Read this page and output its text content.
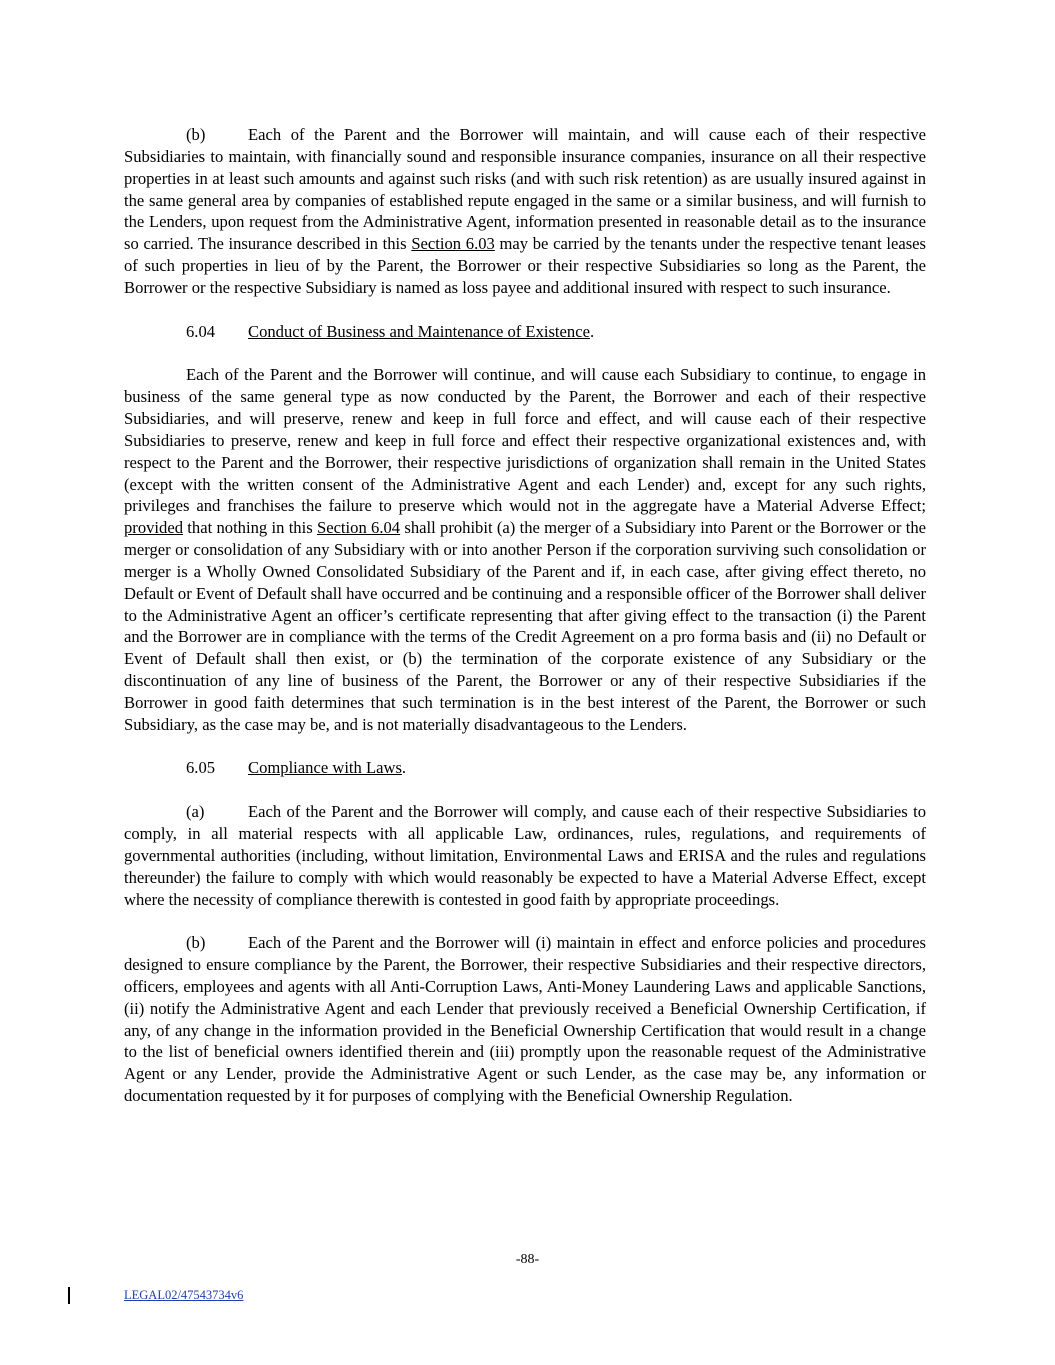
(b)	Each of the Parent and the Borrower will maintain, and will cause each of their respective Subsidiaries to maintain, with financially sound and responsible insurance companies, insurance on all their respective properties in at least such amounts and against such risks (and with such risk retention) as are usually insured against in the same general area by companies of established repute engaged in the same or a similar business, and will furnish to the Lenders, upon request from the Administrative Agent, information presented in reasonable detail as to the insurance so carried. The insurance described in this Section 6.03 may be carried by the tenants under the respective tenant leases of such properties in lieu of by the Parent, the Borrower or their respective Subsidiaries so long as the Parent, the Borrower or the respective Subsidiary is named as loss payee and additional insured with respect to such insurance.

6.04 Conduct of Business and Maintenance of Existence.

Each of the Parent and the Borrower will continue, and will cause each Subsidiary to continue, to engage in business of the same general type as now conducted by the Parent, the Borrower and each of their respective Subsidiaries, and will preserve, renew and keep in full force and effect, and will cause each of their respective Subsidiaries to preserve, renew and keep in full force and effect their respective organizational existences and, with respect to the Parent and the Borrower, their respective jurisdictions of organization shall remain in the United States (except with the written consent of the Administrative Agent and each Lender) and, except for any such rights, privileges and franchises the failure to preserve which would not in the aggregate have a Material Adverse Effect; provided that nothing in this Section 6.04 shall prohibit (a) the merger of a Subsidiary into Parent or the Borrower or the merger or consolidation of any Subsidiary with or into another Person if the corporation surviving such consolidation or merger is a Wholly Owned Consolidated Subsidiary of the Parent and if, in each case, after giving effect thereto, no Default or Event of Default shall have occurred and be continuing and a responsible officer of the Borrower shall deliver to the Administrative Agent an officer’s certificate representing that after giving effect to the transaction (i) the Parent and the Borrower are in compliance with the terms of the Credit Agreement on a pro forma basis and (ii) no Default or Event of Default shall then exist, or (b) the termination of the corporate existence of any Subsidiary or the discontinuation of any line of business of the Parent, the Borrower or any of their respective Subsidiaries if the Borrower in good faith determines that such termination is in the best interest of the Parent, the Borrower or such Subsidiary, as the case may be, and is not materially disadvantageous to the Lenders.

6.05 Compliance with Laws.

(a)	Each of the Parent and the Borrower will comply, and cause each of their respective Subsidiaries to comply, in all material respects with all applicable Law, ordinances, rules, regulations, and requirements of governmental authorities (including, without limitation, Environmental Laws and ERISA and the rules and regulations thereunder) the failure to comply with which would reasonably be expected to have a Material Adverse Effect, except where the necessity of compliance therewith is contested in good faith by appropriate proceedings.

(b)	Each of the Parent and the Borrower will (i) maintain in effect and enforce policies and procedures designed to ensure compliance by the Parent, the Borrower, their respective Subsidiaries and their respective directors, officers, employees and agents with all Anti-Corruption Laws, Anti-Money Laundering Laws and applicable Sanctions, (ii) notify the Administrative Agent and each Lender that previously received a Beneficial Ownership Certification, if any, of any change in the information provided in the Beneficial Ownership Certification that would result in a change to the list of beneficial owners identified therein and (iii) promptly upon the reasonable request of the Administrative Agent or any Lender, provide the Administrative Agent or such Lender, as the case may be, any information or documentation requested by it for purposes of complying with the Beneficial Ownership Regulation.

-88-
LEGAL02/47543734v6
